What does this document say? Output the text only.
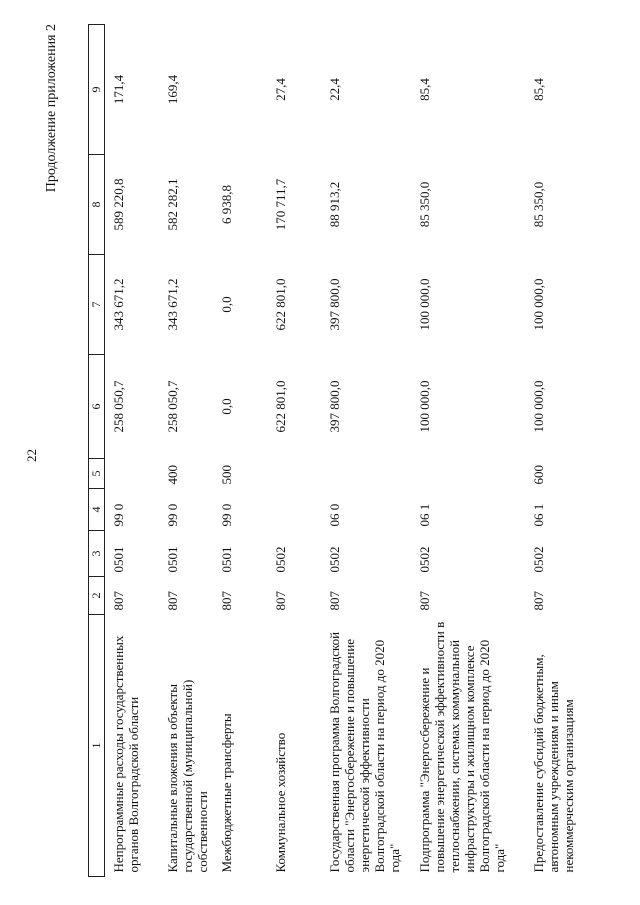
22
Продолжение приложения 2
1	2	3	4	5	6	7	8	9
Непрограммные расходы государственных органов Волгоградской области	807	0501	99 0		258 050,7	343 671,2	589 220,8	171,4
Капитальные вложения в объекты государственной (муниципальной) собственности	807	0501	99 0	400	258 050,7	343 671,2	582 282,1	169,4
Межбюджетные трансферты	807	0501	99 0	500	0,0	0,0	6 938,8	
Коммунальное хозяйство	807	0502			622 801,0	622 801,0	170 711,7	27,4
Государственная программа Волгоградской области "Энергосбережение и повышение энергетической эффективности Волгоградской области на период до 2020 года"	807	0502	06 0		397 800,0	397 800,0	88 913,2	22,4
Подпрограмма "Энергосбережение и повышение энергетической эффективности в теплоснабжении, системах коммунальной инфраструктуры и жилищном комплексе Волгоградской области на период до 2020 года"	807	0502	06 1		100 000,0	100 000,0	85 350,0	85,4
Предоставление субсидий бюджетным, автономным учреждениям и иным некоммерческим организациям	807	0502	06 1	600	100 000,0	100 000,0	85 350,0	85,4
